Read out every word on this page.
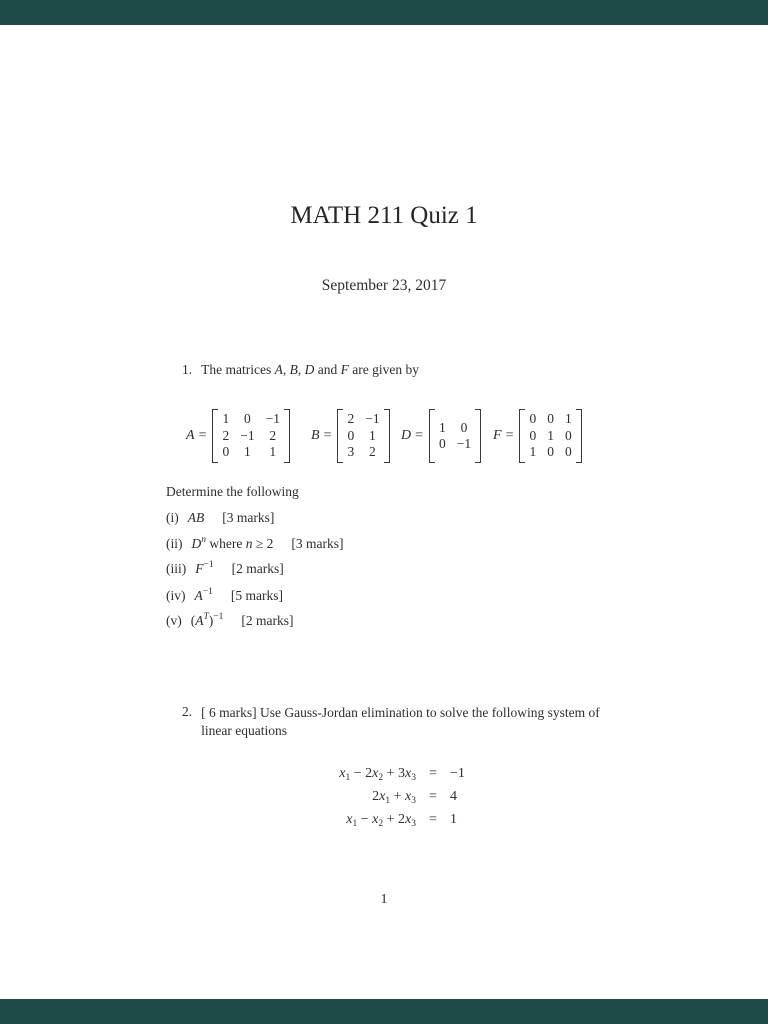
MATH 211 Quiz 1
September 23, 2017
1. The matrices A, B, D and F are given by
A =
1 0 −1
2 −1 2
0 1 1
B =
2 −1
0 1
3 2
D =
1 0
0 −1
F =
0 0 1
0 1 0
1 0 0
Determine the following
(i) AB [3 marks]
(ii) $D^n$ where n ≥ 2 [3 marks]
(iii) $F^{-1}$ [2 marks]
(iv) $A^{-1}$ [5 marks]
(v) $(A^T)^{-1}$ [2 marks]
2. [ 6 marks] Use Gauss-Jordan elimination to solve the following system of
linear equations
$x_1 - 2x_2 + 3x_3 = -1$
$2x_1 + x_3 = 4$
$x_1 - x_2 + 2x_3 = 1$
1
